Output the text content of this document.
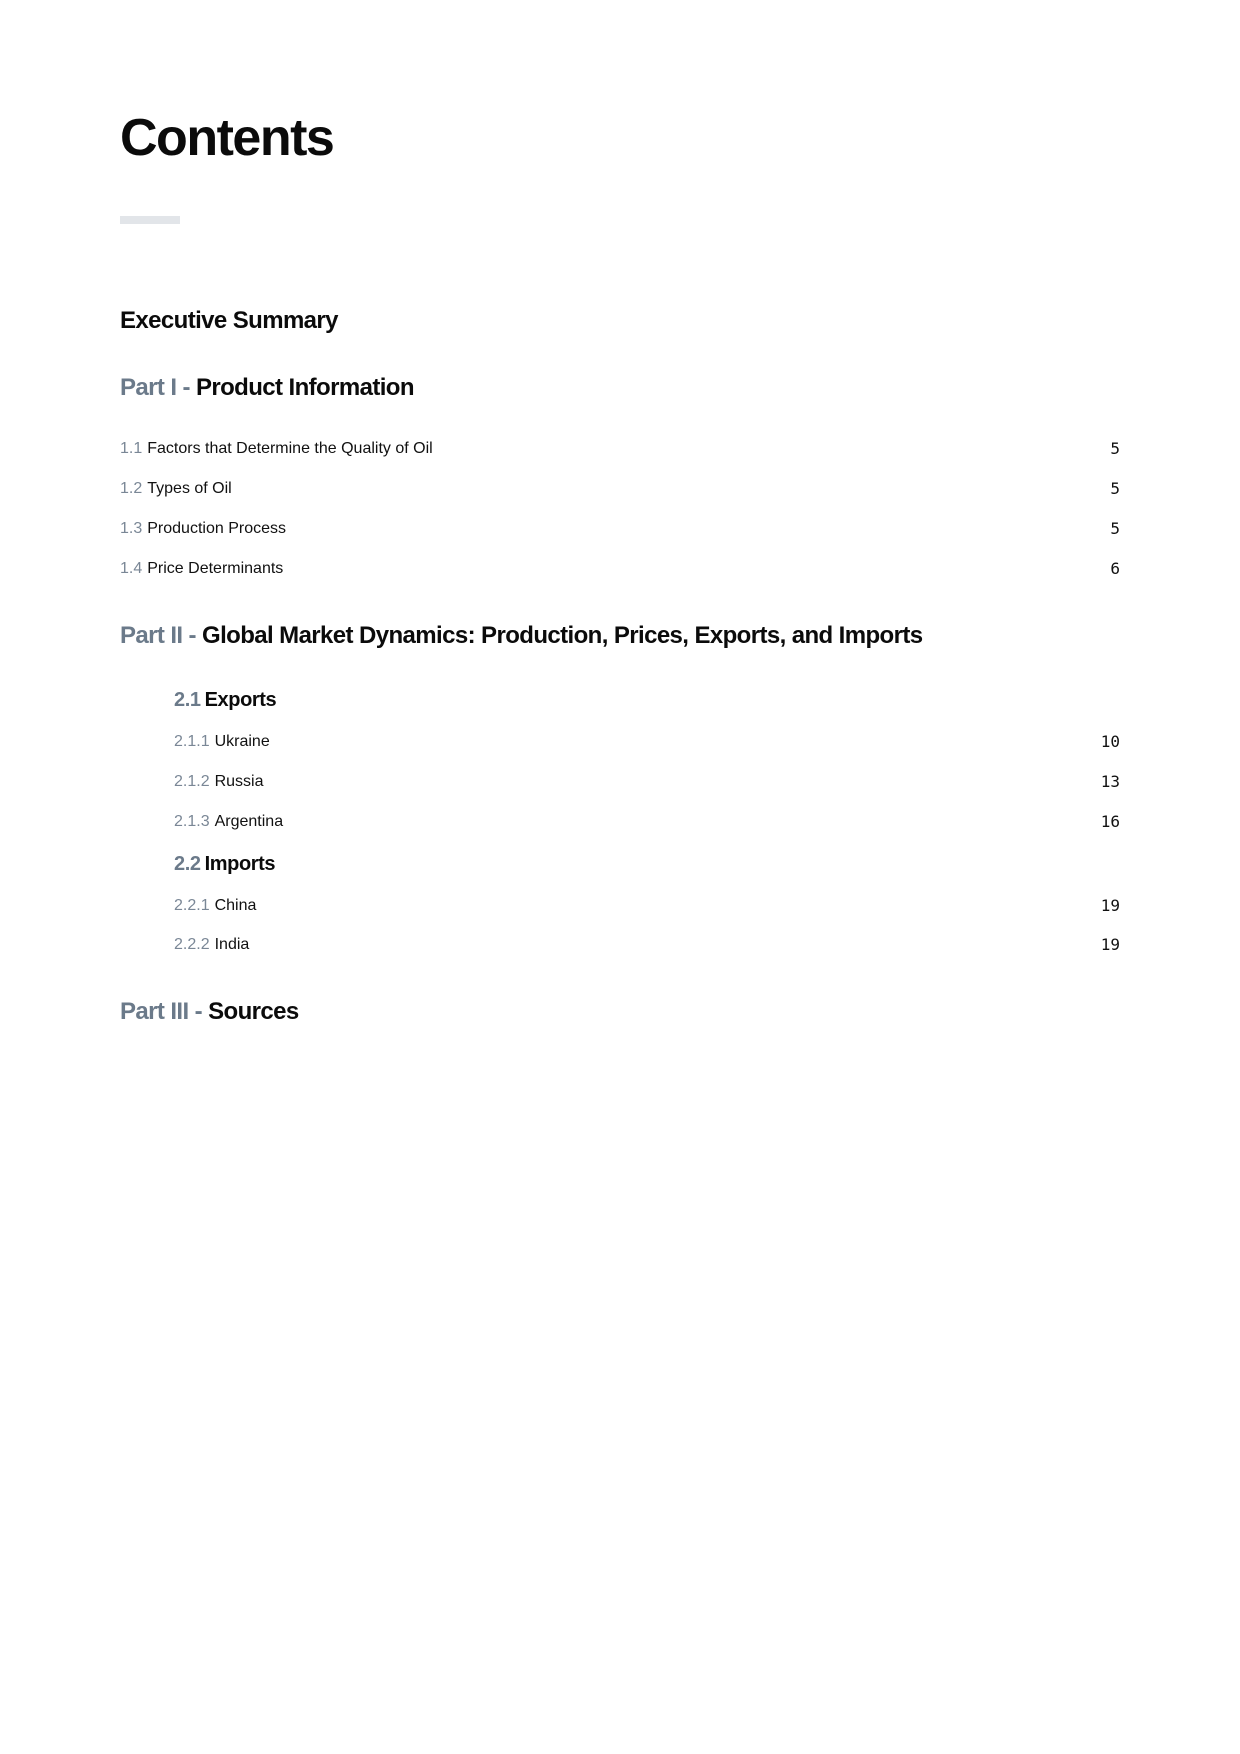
Contents
Executive Summary
Part I - Product Information
1.1 Factors that Determine the Quality of Oil	5
1.2 Types of Oil	5
1.3 Production Process	5
1.4 Price Determinants	6
Part II - Global Market Dynamics: Production, Prices, Exports, and Imports
2.1 Exports
2.1.1 Ukraine	10
2.1.2 Russia	13
2.1.3 Argentina	16
2.2 Imports
2.2.1 China	19
2.2.2 India	19
Part III - Sources
